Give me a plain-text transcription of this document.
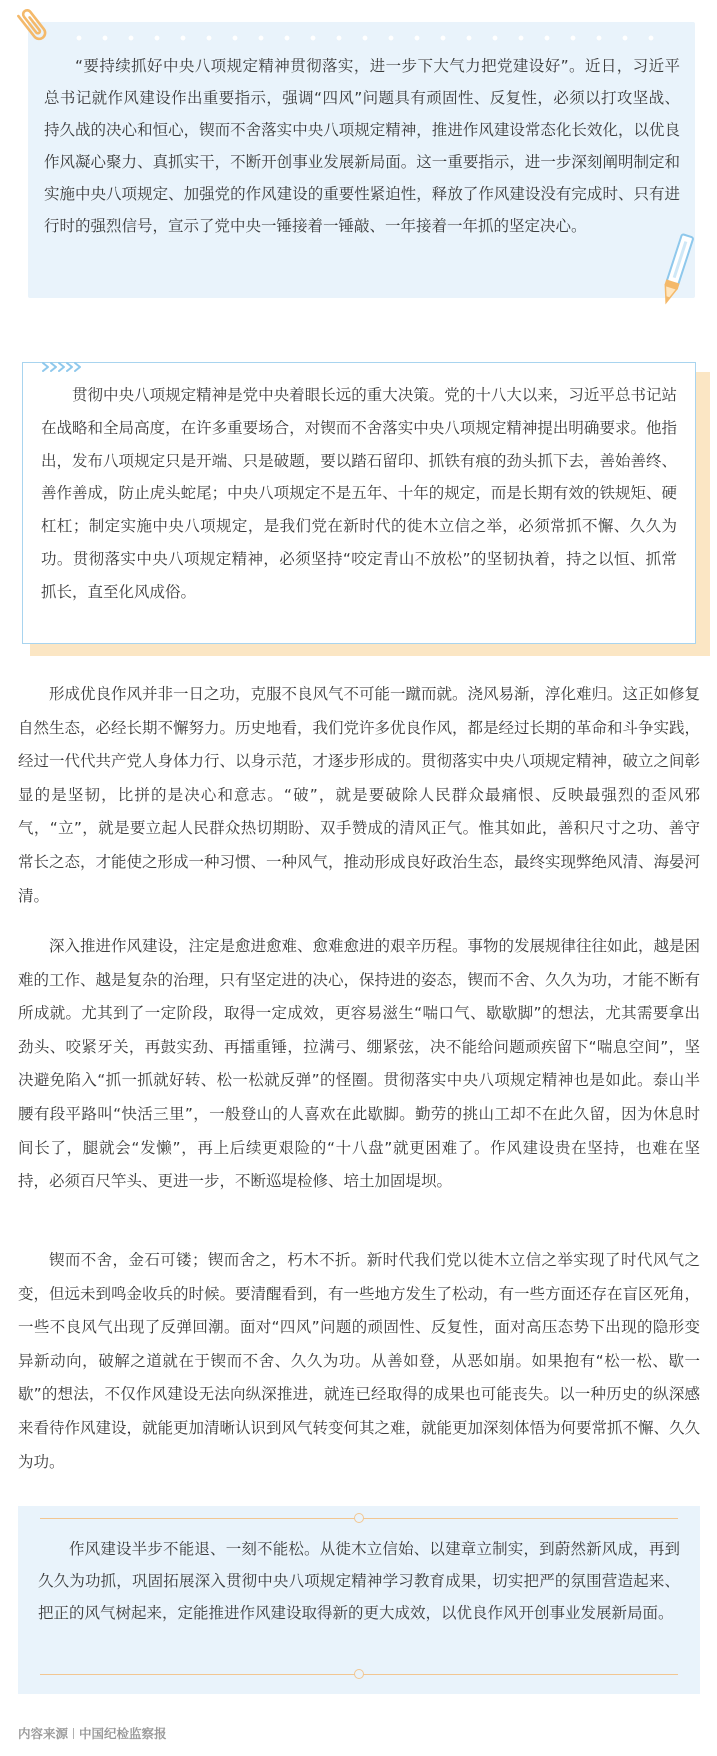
“要持续抓好中央八项规定精神贯彻落实，进一步下大气力把党建设好”。近日，习近平总书记就作风建设作出重要指示，强调“四风”问题具有顽固性、反复性，必须以打攻坚战、持久战的决心和恒心，锲而不舍落实中央八项规定精神，推进作风建设常态化长效化，以优良作风凝心聚力、真抓实干，不断开创事业发展新局面。这一重要指示，进一步深刻阐明制定和实施中央八项规定、加强党的作风建设的重要性紧迫性，释放了作风建设没有完成时、只有进行时的强烈信号，宣示了党中央一锤接着一锤敲、一年接着一年抓的坚定决心。

贯彻中央八项规定精神是党中央着眼长远的重大决策。党的十八大以来，习近平总书记站在战略和全局高度，在许多重要场合，对锲而不舍落实中央八项规定精神提出明确要求。他指出，发布八项规定只是开端、只是破题，要以踏石留印、抓铁有痕的劲头抓下去，善始善终、善作善成，防止虎头蛇尾；中央八项规定不是五年、十年的规定，而是长期有效的铁规矩、硬杠杠；制定实施中央八项规定，是我们党在新时代的徙木立信之举，必须常抓不懈、久久为功。贯彻落实中央八项规定精神，必须坚持“咬定青山不放松”的坚韧执着，持之以恒、抓常抓长，直至化风成俗。

形成优良作风并非一日之功，克服不良风气不可能一蹴而就。浇风易渐，淳化难归。这正如修复自然生态，必经长期不懈努力。历史地看，我们党许多优良作风，都是经过长期的革命和斗争实践，经过一代代共产党人身体力行、以身示范，才逐步形成的。贯彻落实中央八项规定精神，破立之间彰显的是坚韧，比拼的是决心和意志。“破”，就是要破除人民群众最痛恨、反映最强烈的歪风邪气，“立”，就是要立起人民群众热切期盼、双手赞成的清风正气。惟其如此，善积尺寸之功、善守常长之态，才能使之形成一种习惯、一种风气，推动形成良好政治生态，最终实现弊绝风清、海晏河清。

深入推进作风建设，注定是愈进愈难、愈难愈进的艰辛历程。事物的发展规律往往如此，越是困难的工作、越是复杂的治理，只有坚定进的决心，保持进的姿态，锲而不舍、久久为功，才能不断有所成就。尤其到了一定阶段，取得一定成效，更容易滋生“喘口气、歇歇脚”的想法，尤其需要拿出劲头、咬紧牙关，再鼓实劲、再擂重锤，拉满弓、绷紧弦，决不能给问题顽疾留下“喘息空间”，坚决避免陷入“抓一抓就好转、松一松就反弹”的怪圈。贯彻落实中央八项规定精神也是如此。泰山半腰有段平路叫“快活三里”，一般登山的人喜欢在此歇脚。勤劳的挑山工却不在此久留，因为休息时间长了，腿就会“发懒”，再上后续更艰险的“十八盘”就更困难了。作风建设贵在坚持，也难在坚持，必须百尺竿头、更进一步，不断巡堤检修、培土加固堤坝。

锲而不舍，金石可镂；锲而舍之，朽木不折。新时代我们党以徙木立信之举实现了时代风气之变，但远未到鸣金收兵的时候。要清醒看到，有一些地方发生了松动，有一些方面还存在盲区死角，一些不良风气出现了反弹回潮。面对“四风”问题的顽固性、反复性，面对高压态势下出现的隐形变异新动向，破解之道就在于锲而不舍、久久为功。从善如登，从恶如崩。如果抱有“松一松、歇一歇”的想法，不仅作风建设无法向纵深推进，就连已经取得的成果也可能丧失。以一种历史的纵深感来看待作风建设，就能更加清晰认识到风气转变何其之难，就能更加深刻体悟为何要常抓不懈、久久为功。

作风建设半步不能退、一刻不能松。从徙木立信始、以建章立制实，到蔚然新风成，再到久久为功抓，巩固拓展深入贯彻中央八项规定精神学习教育成果，切实把严的氛围营造起来、把正的风气树起来，定能推进作风建设取得新的更大成效，以优良作风开创事业发展新局面。

内容来源 中国纪检监察报
